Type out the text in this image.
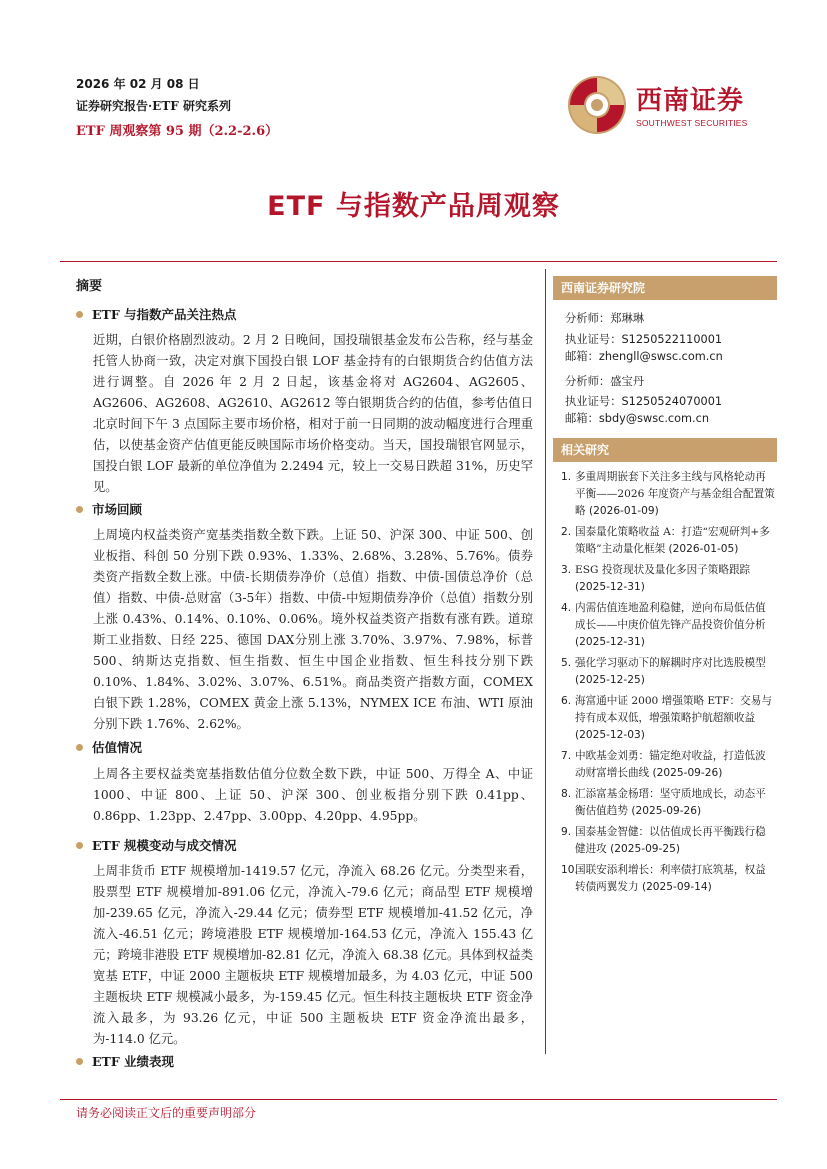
2026 年 02 月 08 日
证券研究报告·ETF 研究系列
ETF 周观察第 95 期（2.2-2.6）
西南证券
SOUTHWEST SECURITIES
ETF 与指数产品周观察
摘要
ETF 与指数产品关注热点
近期，白银价格剧烈波动。2 月 2 日晚间，国投瑞银基金发布公告称，经与基金托管人协商一致，决定对旗下国投白银 LOF 基金持有的白银期货合约估值方法进行调整。自 2026 年 2 月 2 日起，该基金将对 AG2604、AG2605、AG2606、AG2608、AG2610、AG2612 等白银期货合约的估值，参考估值日北京时间下午 3 点国际主要市场价格，相对于前一日同期的波动幅度进行合理重估，以使基金资产估值更能反映国际市场价格变动。当天，国投瑞银官网显示，国投白银 LOF 最新的单位净值为 2.2494 元，较上一交易日跌超 31%，历史罕见。
市场回顾
上周境内权益类资产宽基类指数全数下跌。上证 50、沪深 300、中证 500、创业板指、科创 50 分别下跌 0.93%、1.33%、2.68%、3.28%、5.76%。债券类资产指数全数上涨。中债-长期债券净价（总值）指数、中债-国债总净价（总值）指数、中债-总财富（3-5年）指数、中债-中短期债券净价（总值）指数分别上涨 0.43%、0.14%、0.10%、0.06%。境外权益类资产指数有涨有跌。道琼斯工业指数、日经 225、德国 DAX分别上涨 3.70%、3.97%、7.98%，标普 500、纳斯达克指数、恒生指数、恒生中国企业指数、恒生科技分别下跌 0.10%、1.84%、3.02%、3.07%、6.51%。商品类资产指数方面，COMEX 白银下跌 1.28%，COMEX 黄金上涨 5.13%，NYMEX ICE 布油、WTI 原油分别下跌 1.76%、2.62%。
估值情况
上周各主要权益类宽基指数估值分位数全数下跌，中证 500、万得全 A、中证 1000、中证 800、上证 50、沪深 300、创业板指分别下跌 0.41pp、0.86pp、1.23pp、2.47pp、3.00pp、4.20pp、4.95pp。
ETF 规模变动与成交情况
上周非货币 ETF 规模增加-1419.57 亿元，净流入 68.26 亿元。分类型来看，股票型 ETF 规模增加-891.06 亿元，净流入-79.6 亿元；商品型 ETF 规模增加-239.65 亿元，净流入-29.44 亿元；债券型 ETF 规模增加-41.52 亿元，净流入-46.51 亿元；跨境港股 ETF 规模增加-164.53 亿元，净流入 155.43 亿元；跨境非港股 ETF 规模增加-82.81 亿元，净流入 68.38 亿元。具体到权益类宽基 ETF，中证 2000 主题板块 ETF 规模增加最多，为 4.03 亿元，中证 500 主题板块 ETF 规模减小最多，为-159.45 亿元。恒生科技主题板块 ETF 资金净流入最多，为 93.26 亿元，中证 500 主题板块 ETF 资金净流出最多，为-114.0 亿元。
ETF 业绩表现
西南证券研究院
分析师：郑琳琳
执业证号：S1250522110001
邮箱：zhengll@swsc.com.cn
分析师：盛宝丹
执业证号：S1250524070001
邮箱：sbdy@swsc.com.cn
相关研究
1. 多重周期嵌套下关注多主线与风格轮动再平衡——2026 年度资产与基金组合配置策略 (2026-01-09)
2. 国泰量化策略收益 A：打造“宏观研判+多策略”主动量化框架 (2026-01-05)
3. ESG 投资现状及量化多因子策略跟踪 (2025-12-31)
4. 内需估值连地盈利稳健，逆向布局低估值成长——中庚价值先锋产品投资价值分析 (2025-12-31)
5. 强化学习驱动下的解耦时序对比选股模型 (2025-12-25)
6. 海富通中证 2000 增强策略 ETF：交易与持有成本双低，增强策略护航超额收益 (2025-12-03)
7. 中欧基金刘勇：锚定绝对收益，打造低波动财富增长曲线 (2025-09-26)
8. 汇添富基金杨瑨：坚守质地成长，动态平衡估值趋势 (2025-09-26)
9. 国泰基金智健：以估值成长再平衡践行稳健进攻 (2025-09-25)
10.
国联安添利增长：利率债打底筑基，权益转债两翼发力 (2025-09-14)
请务必阅读正文后的重要声明部分
